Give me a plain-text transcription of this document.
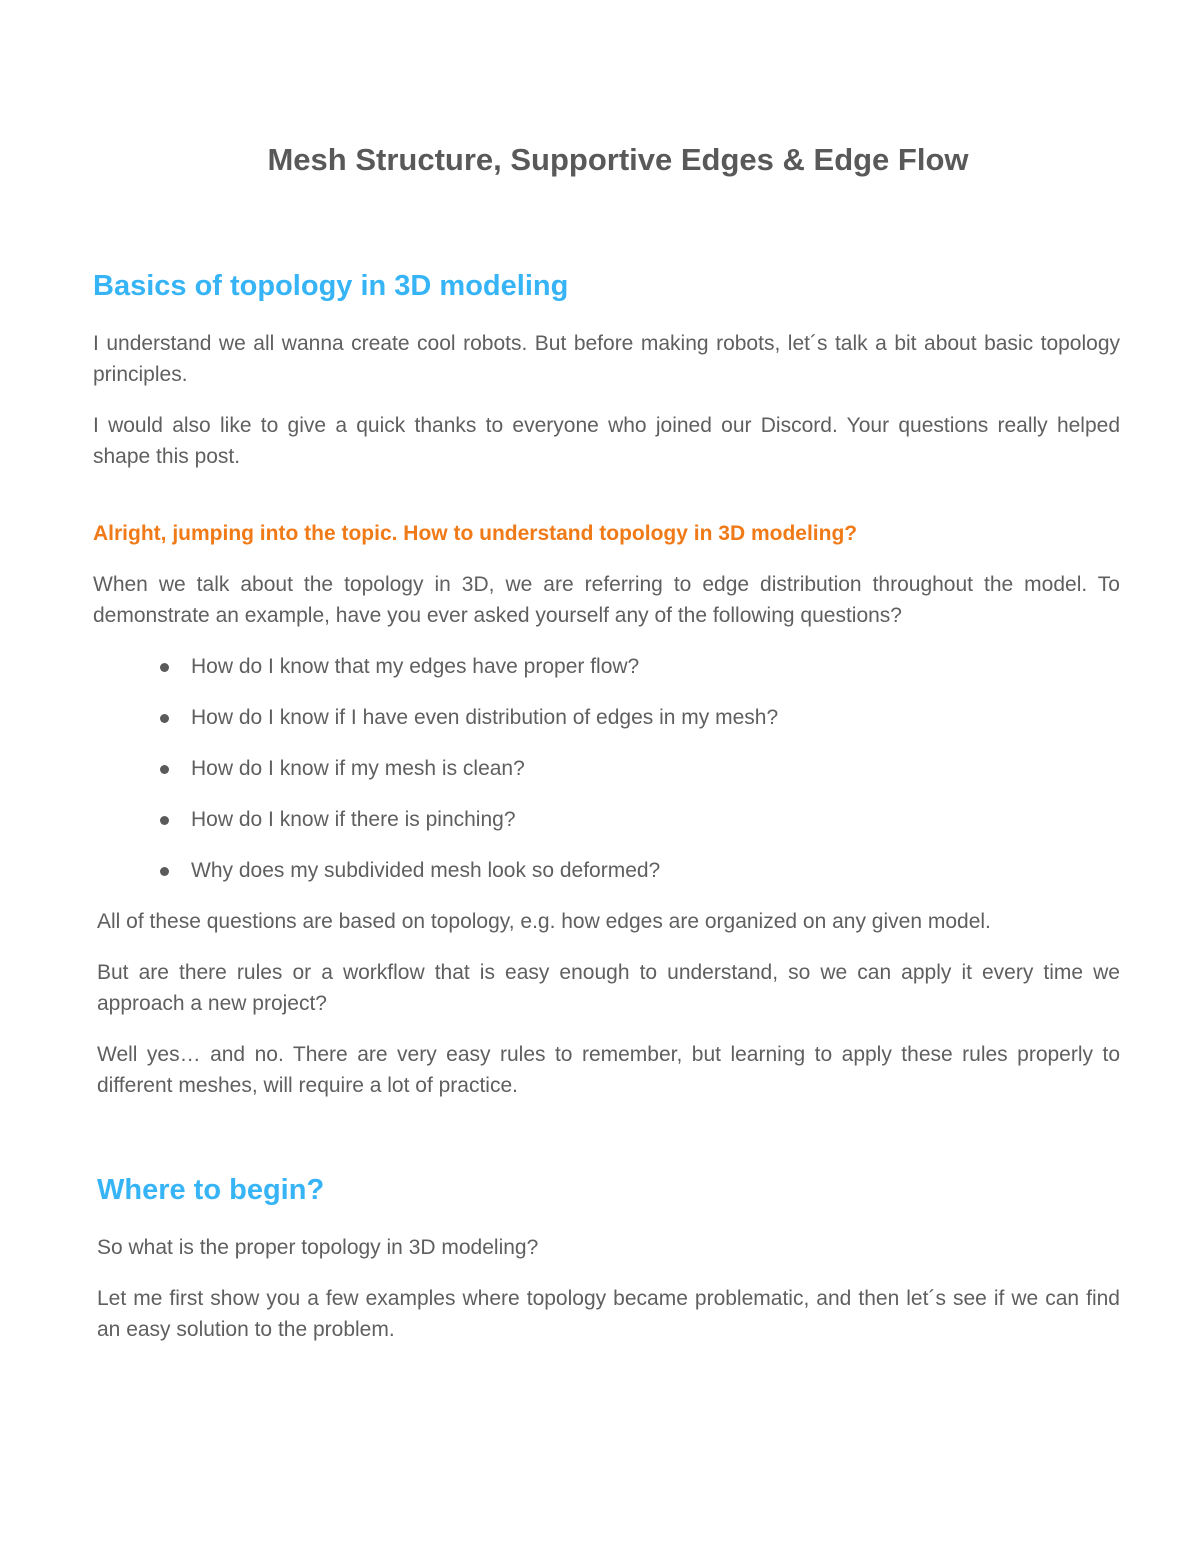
Mesh Structure, Supportive Edges & Edge Flow
Basics of topology in 3D modeling

I understand we all wanna create cool robots. But before making robots, let´s talk a bit about basic topology principles.

I would also like to give a quick thanks to everyone who joined our Discord. Your questions really helped shape this post.

Alright, jumping into the topic. How to understand topology in 3D modeling?

When we talk about the topology in 3D, we are referring to edge distribution throughout the model. To demonstrate an example, have you ever asked yourself any of the following questions?

How do I know that my edges have proper flow?
How do I know if I have even distribution of edges in my mesh?
How do I know if my mesh is clean?
How do I know if there is pinching?
Why does my subdivided mesh look so deformed?

All of these questions are based on topology, e.g. how edges are organized on any given model.

But are there rules or a workflow that is easy enough to understand, so we can apply it every time we approach a new project?

Well yes… and no. There are very easy rules to remember, but learning to apply these rules properly to different meshes, will require a lot of practice.

Where to begin?

So what is the proper topology in 3D modeling?

Let me first show you a few examples where topology became problematic, and then let´s see if we can find an easy solution to the problem.
